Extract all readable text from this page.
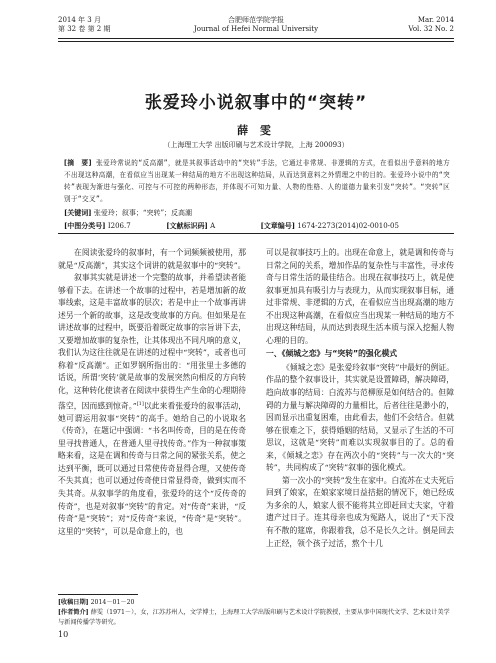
2014 年 3 月
第 32 卷 第 2 期
合肥师范学院学报
Journal of Hefei Normal University
Mar. 2014
Vol. 32 No. 2
张爱玲小说叙事中的“突转”
薛 雯
（上海理工大学 出版印刷与艺术设计学院，上海 200093）
[摘　要] 张爱玲常说的“反高潮”，就是其叙事活动中的“突转”手法，它通过非常规、非逻辑的方式，在看似出乎意料的地方不出现这种高潮，在看似应当出现某一种结局的地方不出现这种结局，从而达到意料之外情理之中的目的。张爱玲小说中的“突转”表现为渐进与强化、可控与不可控的两种形态，并体现不可知力量、人物的性格、人的道德力量来引发“突转”。“突转”区别于“交叉”。
[关键词] 张爱玲；叙事；“突转”；反高潮
[中图分类号] I206.7	[文献标识码] A	[文章编号] 1674-2273(2014)02-0010-05

在阅读张爱玲的叙事时，有一个词频频被使用，那就是“反高潮”，其实这个词讲的就是叙事中的“突转”。

叙事其实就是讲述一个完整的故事，并希望读者能够看下去。在讲述一个故事的过程中，若是增加新的故事线索，这是丰富故事的层次；若是中止一个故事再讲述另一个新的故事，这是改变故事的方向。但如果是在讲述故事的过程中，既要沿着既定故事的宗旨讲下去，又要增加故事的复杂性，让其体现出不同凡响的意义，我们认为这往往就是在讲述的过程中“突转”，或者也可称着“反高潮”。正如罗钢所指出的：“用张里士多德的话说，所谓‘突转’就是故事的发展突然向相反的方向转化，这种转化使读者在阅读中获得生产生命的心理期待落空，因而感到惊奇。”[1]以此来看张爱玲的叙事活动，她可谓运用叙事“突转”的高手。她给自己的小说取名《传奇》，在题记中强调：“书名叫传奇，目的是在传奇里寻找普通人，在普通人里寻找传奇。”作为一种叙事策略来看，这是在调和传奇与日常之间的紧张关系，使之达到平衡，既可以通过日常使传奇显得合理，又使传奇不失其真；也可以通过传奇使日常显得奇，做到实而不失其奇。从叙事学的角度看，张爱玲的这个“反传奇的传奇”，也是对叙事“突转”的肯定。对“传奇”来讲，“反传奇”是“突转”；对“反传奇”来说，“传奇”是“突转”。这里的“突转”，可以是命意上的，也

可以是叙事技巧上的。出现在命意上，就是调和传奇与日常之间的关系，增加作品的复杂性与丰富性，寻求传奇与日常生活的最佳结合。出现在叙事技巧上，就是使叙事更加具有吸引力与表现力，从而实现叙事目标，通过非常规、非逻辑的方式，在看似应当出现高潮的地方不出现这种高潮，在看似应当出现某一种结局的地方不出现这种结局，从而达到表现生活本质与深入挖掘人物心理的目的。

一、《倾城之恋》与“突转”的强化模式

《倾城之恋》是张爱玲叙事“突转”中最好的例证。作品的整个叙事设计，其实就是设置障碍，解决障碍，趋向故事的结局：白流苏与范柳原是如何结合的。但障碍的力量与解决障碍的力量相比，后者往往是渺小的，因而显示出重复困难，由此看去，他们不会结合。但就够在很难之下，获得婚姻的结局，又显示了生活的不可思议，这就是“突转”而难以实现叙事目的了。总的看来，《倾城之恋》存在两次小的“突转”与一次大的“突转”，共同构成了“突转”叙事的强化模式。

第一次小的“突转”发生在家中。白流苏在丈夫死后回到了娘家，在娘家家境日益拮据的情况下，她已经成为多余的人，娘家人很不能将其立即赶回丈夫家，守着遗产过日子。连其母亲也成为冤路人，说出了“天下没有不散的筵席，你跟着我，总不是长久之计。倒是回去上正经，领个孩子过活，熬个十几

[收稿日期] 2014－01－20
[作者简介] 薛雯（1971－），女，江苏苏州人，文学博士，上海理工大学出版印刷与艺术设计学院教授，主要从事中国现代文学、艺术设计美学与新闻传播学等研究。
10
